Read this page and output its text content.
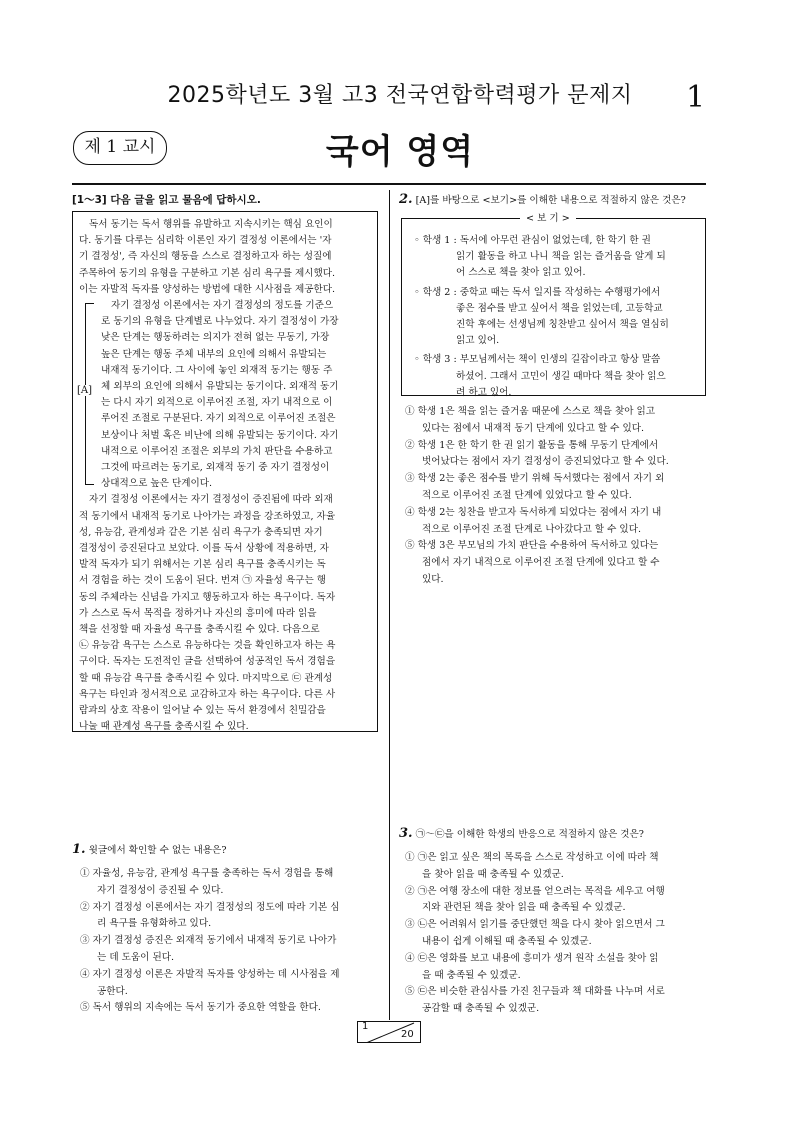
2025학년도 3월 고3 전국연합학력평가 문제지	1
제 1 교시	국어 영역
[1～3] 다음 글을 읽고 물음에 답하시오.
독서 동기는 독서 행위를 유발하고 지속시키는 핵심 요인이
다. 동기를 다루는 심리학 이론인 자기 결정성 이론에서는 '자
기 결정성', 즉 자신의 행동을 스스로 결정하고자 하는 성질에
주목하여 동기의 유형을 구분하고 기본 심리 욕구를 제시했다.
이는 자발적 독자를 양성하는 방법에 대한 시사점을 제공한다.
자기 결정성 이론에서는 자기 결정성의 정도를 기준으
로 동기의 유형을 단계별로 나누었다. 자기 결정성이 가장
낮은 단계는 행동하려는 의지가 전혀 없는 무동기, 가장
높은 단계는 행동 주체 내부의 요인에 의해서 유발되는
내재적 동기이다. 그 사이에 놓인 외재적 동기는 행동 주
체 외부의 요인에 의해서 유발되는 동기이다. 외재적 동기
는 다시 자기 외적으로 이루어진 조절, 자기 내적으로 이
루어진 조절로 구분된다. 자기 외적으로 이루어진 조절은
보상이나 처벌 혹은 비난에 의해 유발되는 동기이다. 자기
내적으로 이루어진 조절은 외부의 가치 판단을 수용하고
그것에 따르려는 동기로, 외재적 동기 중 자기 결정성이
상대적으로 높은 단계이다.
자기 결정성 이론에서는 자기 결정성이 증진됨에 따라 외재
적 동기에서 내재적 동기로 나아가는 과정을 강조하였고, 자율
성, 유능감, 관계성과 같은 기본 심리 욕구가 충족되면 자기
결정성이 증진된다고 보았다. 이를 독서 상황에 적용하면, 자
발적 독자가 되기 위해서는 기본 심리 욕구를 충족시키는 독
서 경험을 하는 것이 도움이 된다. 번져 ㉠ 자율성 욕구는 행
동의 주체라는 신념을 가지고 행동하고자 하는 욕구이다. 독자
가 스스로 독서 목적을 정하거나 자신의 흥미에 따라 읽을
책을 선정할 때 자율성 욕구를 충족시킬 수 있다. 다음으로
㉡ 유능감 욕구는 스스로 유능하다는 것을 확인하고자 하는 욕
구이다. 독자는 도전적인 글을 선택하여 성공적인 독서 경험을
할 때 유능감 욕구를 충족시킬 수 있다. 마지막으로 ㉢ 관계성
욕구는 타인과 정서적으로 교감하고자 하는 욕구이다. 다른 사
람과의 상호 작용이 일어날 수 있는 독서 환경에서 친밀감을
나눌 때 관계성 욕구를 충족시킬 수 있다.
[A]
1. 윗글에서 확인할 수 없는 내용은?
① 자율성, 유능감, 관계성 욕구를 충족하는 독서 경험을 통해
자기 결정성이 증진될 수 있다.
② 자기 결정성 이론에서는 자기 결정성의 정도에 따라 기본 심
리 욕구를 유형화하고 있다.
③ 자기 결정성 증진은 외재적 동기에서 내재적 동기로 나아가
는 데 도움이 된다.
④ 자기 결정성 이론은 자발적 독자를 양성하는 데 시사점을 제
공한다.
⑤ 독서 행위의 지속에는 독서 동기가 중요한 역할을 한다.
2. [A]를 바탕으로 <보기>를 이해한 내용으로 적절하지 않은 것은?
◦ 학생 1 : 독서에 아무런 관심이 없었는데, 한 학기 한 권
읽기 활동을 하고 나니 책을 읽는 즐거움을 알게 되
어 스스로 책을 찾아 읽고 있어.
◦ 학생 2 : 중학교 때는 독서 일지를 작성하는 수행평가에서
좋은 점수를 받고 싶어서 책을 읽었는데, 고등학교
진학 후에는 선생님께 칭찬받고 싶어서 책을 열심히
읽고 있어.
◦ 학생 3 : 부모님께서는 책이 인생의 길잡이라고 항상 말씀
하셨어. 그래서 고민이 생길 때마다 책을 찾아 읽으
려 하고 있어.
< 보 기 >
① 학생 1은 책을 읽는 즐거움 때문에 스스로 책을 찾아 읽고
있다는 점에서 내재적 동기 단계에 있다고 할 수 있다.
② 학생 1은 한 학기 한 권 읽기 활동을 통해 무동기 단계에서
벗어났다는 점에서 자기 결정성이 증진되었다고 할 수 있다.
③ 학생 2는 좋은 점수를 받기 위해 독서했다는 점에서 자기 외
적으로 이루어진 조절 단계에 있었다고 할 수 있다.
④ 학생 2는 칭찬을 받고자 독서하게 되었다는 점에서 자기 내
적으로 이루어진 조절 단계로 나아갔다고 할 수 있다.
⑤ 학생 3은 부모님의 가치 판단을 수용하여 독서하고 있다는
점에서 자기 내적으로 이루어진 조절 단계에 있다고 할 수
있다.
3. ㉠～㉢을 이해한 학생의 반응으로 적절하지 않은 것은?
① ㉠은 읽고 싶은 책의 목록을 스스로 작성하고 이에 따라 책
을 찾아 읽을 때 충족될 수 있겠군.
② ㉠은 여행 장소에 대한 정보를 얻으려는 목적을 세우고 여행
지와 관련된 책을 찾아 읽을 때 충족될 수 있겠군.
③ ㉡은 어려워서 읽기를 중단했던 책을 다시 찾아 읽으면서 그
내용이 쉽게 이해될 때 충족될 수 있겠군.
④ ㉢은 영화를 보고 내용에 흥미가 생겨 원작 소설을 찾아 읽
을 때 충족될 수 있겠군.
⑤ ㉢은 비슷한 관심사를 가진 친구들과 책 대화를 나누며 서로
공감할 때 충족될 수 있겠군.
1
20
